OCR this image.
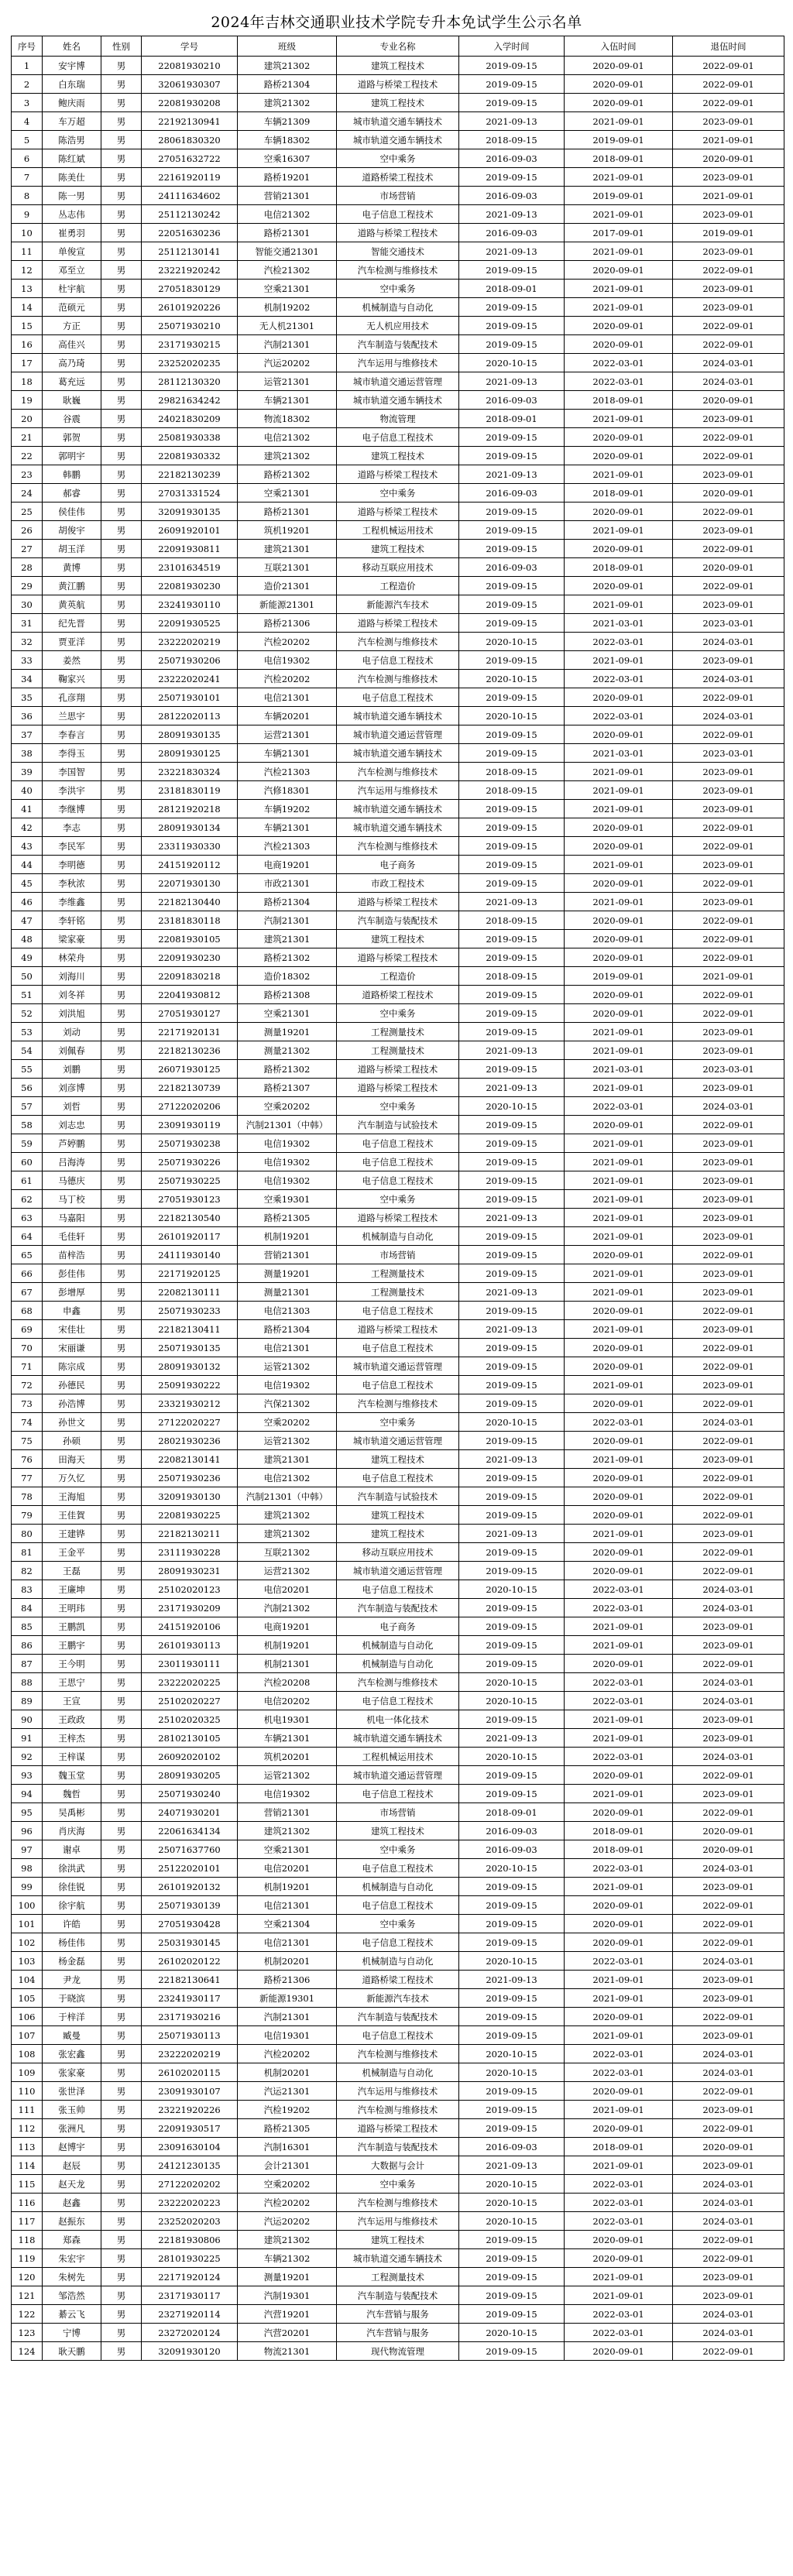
2024年吉林交通职业技术学院专升本免试学生公示名单
序号	姓名	性别	学号	班级	专业名称	入学时间	入伍时间	退伍时间
1	安宇博	男	22081930210	建筑21302	建筑工程技术	2019-09-15	2020-09-01	2022-09-01
2	白东瑞	男	32061930307	路桥21304	道路与桥梁工程技术	2019-09-15	2020-09-01	2022-09-01
3	鲍庆雨	男	22081930208	建筑21302	建筑工程技术	2019-09-15	2020-09-01	2022-09-01
4	车万超	男	22192130941	车辆21309	城市轨道交通车辆技术	2021-09-13	2021-09-01	2023-09-01
5	陈浩男	男	28061830320	车辆18302	城市轨道交通车辆技术	2018-09-15	2019-09-01	2021-09-01
6	陈红斌	男	27051632722	空乘16307	空中乘务	2016-09-03	2018-09-01	2020-09-01
7	陈美仕	男	22161920119	路桥19201	道路桥梁工程技术	2019-09-15	2021-09-01	2023-09-01
8	陈一男	男	24111634602	营销21301	市场营销	2016-09-03	2019-09-01	2021-09-01
9	丛志伟	男	25112130242	电信21302	电子信息工程技术	2021-09-13	2021-09-01	2023-09-01
10	崔勇羽	男	22051630236	路桥21301	道路与桥梁工程技术	2016-09-03	2017-09-01	2019-09-01
11	单俊宣	男	25112130141	智能交通21301	智能交通技术	2021-09-13	2021-09-01	2023-09-01
12	邓至立	男	23221920242	汽检21302	汽车检测与维修技术	2019-09-15	2020-09-01	2022-09-01
13	杜宇航	男	27051830129	空乘21301	空中乘务	2018-09-01	2021-09-01	2023-09-01
14	范硕元	男	26101920226	机制19202	机械制造与自动化	2019-09-15	2021-09-01	2023-09-01
15	方正	男	25071930210	无人机21301	无人机应用技术	2019-09-15	2020-09-01	2022-09-01
16	高佳兴	男	23171930215	汽制21301	汽车制造与装配技术	2019-09-15	2020-09-01	2022-09-01
17	高乃琦	男	23252020235	汽运20202	汽车运用与维修技术	2020-10-15	2022-03-01	2024-03-01
18	葛充远	男	28112130320	运管21301	城市轨道交通运营管理	2021-09-13	2022-03-01	2024-03-01
19	耿巍	男	29821634242	车辆21301	城市轨道交通车辆技术	2016-09-03	2018-09-01	2020-09-01
20	谷震	男	24021830209	物流18302	物流管理	2018-09-01	2021-09-01	2023-09-01
21	郭贺	男	25081930338	电信21302	电子信息工程技术	2019-09-15	2020-09-01	2022-09-01
22	郭明宇	男	22081930332	建筑21302	建筑工程技术	2019-09-15	2020-09-01	2022-09-01
23	韩鹏	男	22182130239	路桥21302	道路与桥梁工程技术	2021-09-13	2021-09-01	2023-09-01
24	郝睿	男	27031331524	空乘21301	空中乘务	2016-09-03	2018-09-01	2020-09-01
25	侯佳伟	男	32091930135	路桥21301	道路与桥梁工程技术	2019-09-15	2020-09-01	2022-09-01
26	胡俊宇	男	26091920101	筑机19201	工程机械运用技术	2019-09-15	2021-09-01	2023-09-01
27	胡玉洋	男	22091930811	建筑21301	建筑工程技术	2019-09-15	2020-09-01	2022-09-01
28	黄博	男	23101634519	互联21301	移动互联应用技术	2016-09-03	2018-09-01	2020-09-01
29	黄江鹏	男	22081930230	造价21301	工程造价	2019-09-15	2020-09-01	2022-09-01
30	黄英航	男	23241930110	新能源21301	新能源汽车技术	2019-09-15	2021-09-01	2023-09-01
31	纪先晋	男	22091930525	路桥21306	道路与桥梁工程技术	2019-09-15	2021-03-01	2023-03-01
32	贾亚洋	男	23222020219	汽检20202	汽车检测与维修技术	2020-10-15	2022-03-01	2024-03-01
33	姜然	男	25071930206	电信19302	电子信息工程技术	2019-09-15	2021-09-01	2023-09-01
34	鞠家兴	男	23222020241	汽检20202	汽车检测与维修技术	2020-10-15	2022-03-01	2024-03-01
35	孔彦翔	男	25071930101	电信21301	电子信息工程技术	2019-09-15	2020-09-01	2022-09-01
36	兰思宇	男	28122020113	车辆20201	城市轨道交通车辆技术	2020-10-15	2022-03-01	2024-03-01
37	李春言	男	28091930135	运营21301	城市轨道交通运营管理	2019-09-15	2020-09-01	2022-09-01
38	李得玉	男	28091930125	车辆21301	城市轨道交通车辆技术	2019-09-15	2021-03-01	2023-03-01
39	李国智	男	23221830324	汽检21303	汽车检测与维修技术	2018-09-15	2021-09-01	2023-09-01
40	李洪宇	男	23181830119	汽修18301	汽车运用与维修技术	2018-09-15	2021-09-01	2023-09-01
41	李继博	男	28121920218	车辆19202	城市轨道交通车辆技术	2019-09-15	2021-09-01	2023-09-01
42	李志	男	28091930134	车辆21301	城市轨道交通车辆技术	2019-09-15	2020-09-01	2022-09-01
43	李民军	男	23311930330	汽检21303	汽车检测与维修技术	2019-09-15	2020-09-01	2022-09-01
44	李明德	男	24151920112	电商19201	电子商务	2019-09-15	2021-09-01	2023-09-01
45	李秋浓	男	22071930130	市政21301	市政工程技术	2019-09-15	2020-09-01	2022-09-01
46	李维鑫	男	22182130440	路桥21304	道路与桥梁工程技术	2021-09-13	2021-09-01	2023-09-01
47	李轩铭	男	23181830118	汽制21301	汽车制造与装配技术	2018-09-15	2020-09-01	2022-09-01
48	梁家豪	男	22081930105	建筑21301	建筑工程技术	2019-09-15	2020-09-01	2022-09-01
49	林荣舟	男	22091930230	路桥21302	道路与桥梁工程技术	2019-09-15	2020-09-01	2022-09-01
50	刘海川	男	22091830218	造价18302	工程造价	2018-09-15	2019-09-01	2021-09-01
51	刘冬祥	男	22041930812	路桥21308	道路桥梁工程技术	2019-09-15	2020-09-01	2022-09-01
52	刘洪旭	男	27051930127	空乘21301	空中乘务	2019-09-15	2020-09-01	2022-09-01
53	刘动	男	22171920131	测量19201	工程测量技术	2019-09-15	2021-09-01	2023-09-01
54	刘佩春	男	22182130236	测量21302	工程测量技术	2021-09-13	2021-09-01	2023-09-01
55	刘鹏	男	26071930125	路桥21302	道路与桥梁工程技术	2019-09-15	2021-03-01	2023-03-01
56	刘彦博	男	22182130739	路桥21307	道路与桥梁工程技术	2021-09-13	2021-09-01	2023-09-01
57	刘哲	男	27122020206	空乘20202	空中乘务	2020-10-15	2022-03-01	2024-03-01
58	刘志忠	男	23091930119	汽制21301（中韩）	汽车制造与试验技术	2019-09-15	2020-09-01	2022-09-01
59	芦婷鹏	男	25071930238	电信19302	电子信息工程技术	2019-09-15	2021-09-01	2023-09-01
60	吕海涛	男	25071930226	电信19302	电子信息工程技术	2019-09-15	2021-09-01	2023-09-01
61	马德庆	男	25071930225	电信19302	电子信息工程技术	2019-09-15	2021-09-01	2023-09-01
62	马丁校	男	27051930123	空乘19301	空中乘务	2019-09-15	2021-09-01	2023-09-01
63	马嘉阳	男	22182130540	路桥21305	道路与桥梁工程技术	2021-09-13	2021-09-01	2023-09-01
64	毛佳轩	男	26101920117	机制19201	机械制造与自动化	2019-09-15	2021-09-01	2023-09-01
65	苗梓浩	男	24111930140	营销21301	市场营销	2019-09-15	2020-09-01	2022-09-01
66	彭佳伟	男	22171920125	测量19201	工程测量技术	2019-09-15	2021-09-01	2023-09-01
67	彭增厚	男	22082130111	测量21301	工程测量技术	2021-09-13	2021-09-01	2023-09-01
68	申鑫	男	25071930233	电信21303	电子信息工程技术	2019-09-15	2020-09-01	2022-09-01
69	宋佳壮	男	22182130411	路桥21304	道路与桥梁工程技术	2021-09-13	2021-09-01	2023-09-01
70	宋丽谦	男	25071930135	电信21301	电子信息工程技术	2019-09-15	2020-09-01	2022-09-01
71	陈宗成	男	28091930132	运管21302	城市轨道交通运营管理	2019-09-15	2020-09-01	2022-09-01
72	孙德民	男	25091930222	电信19302	电子信息工程技术	2019-09-15	2021-09-01	2023-09-01
73	孙浩博	男	23321930212	汽保21302	汽车检测与维修技术	2019-09-15	2020-09-01	2022-09-01
74	孙世文	男	27122020227	空乘20202	空中乘务	2020-10-15	2022-03-01	2024-03-01
75	孙硕	男	28021930236	运管21302	城市轨道交通运营管理	2019-09-15	2020-09-01	2022-09-01
76	田海天	男	22082130141	建筑21301	建筑工程技术	2021-09-13	2021-09-01	2023-09-01
77	万久忆	男	25071930236	电信21302	电子信息工程技术	2019-09-15	2020-09-01	2022-09-01
78	王海旭	男	32091930130	汽制21301（中韩）	汽车制造与试验技术	2019-09-15	2020-09-01	2022-09-01
79	王佳賀	男	22081930225	建筑21302	建筑工程技术	2019-09-15	2020-09-01	2022-09-01
80	王建铧	男	22182130211	建筑21302	建筑工程技术	2021-09-13	2021-09-01	2023-09-01
81	王金平	男	23111930228	互联21302	移动互联应用技术	2019-09-15	2020-09-01	2022-09-01
82	王磊	男	28091930231	运营21302	城市轨道交通运营管理	2019-09-15	2020-09-01	2022-09-01
83	王廉坤	男	25102020123	电信20201	电子信息工程技术	2020-10-15	2022-03-01	2024-03-01
84	王明玮	男	23171930209	汽制21302	汽车制造与装配技术	2019-09-15	2022-03-01	2024-03-01
85	王鹏凯	男	24151920106	电商19201	电子商务	2019-09-15	2021-09-01	2023-09-01
86	王鹏宇	男	26101930113	机制19201	机械制造与自动化	2019-09-15	2021-09-01	2023-09-01
87	王今明	男	23011930111	机制21301	机械制造与自动化	2019-09-15	2020-09-01	2022-09-01
88	王思宁	男	23222020225	汽检20208	汽车检测与维修技术	2020-10-15	2022-03-01	2024-03-01
89	王宣	男	25102020227	电信20202	电子信息工程技术	2020-10-15	2022-03-01	2024-03-01
90	王政政	男	25102020325	机电19301	机电一体化技术	2019-09-15	2021-09-01	2023-09-01
91	王梓杰	男	28102130105	车辆21301	城市轨道交通车辆技术	2021-09-13	2021-09-01	2023-09-01
92	王梓谋	男	26092020102	筑机20201	工程机械运用技术	2020-10-15	2022-03-01	2024-03-01
93	魏玉堂	男	28091930205	运管21302	城市轨道交通运营管理	2019-09-15	2020-09-01	2022-09-01
94	魏哲	男	25071930240	电信19302	电子信息工程技术	2019-09-15	2021-09-01	2023-09-01
95	吴禹彬	男	24071930201	营销21301	市场营销	2018-09-01	2020-09-01	2022-09-01
96	肖庆海	男	22061634134	建筑21302	建筑工程技术	2016-09-03	2018-09-01	2020-09-01
97	谢卓	男	25071637760	空乘21301	空中乘务	2016-09-03	2018-09-01	2020-09-01
98	徐洪武	男	25122020101	电信20201	电子信息工程技术	2020-10-15	2022-03-01	2024-03-01
99	徐佳锐	男	26101920132	机制19201	机械制造与自动化	2019-09-15	2021-09-01	2023-09-01
100	徐宇航	男	25071930139	电信21301	电子信息工程技术	2019-09-15	2020-09-01	2022-09-01
101	许皓	男	27051930428	空乘21304	空中乘务	2019-09-15	2020-09-01	2022-09-01
102	杨佳伟	男	25031930145	电信21301	电子信息工程技术	2019-09-15	2020-09-01	2022-09-01
103	杨金磊	男	26102020122	机制20201	机械制造与自动化	2020-10-15	2022-03-01	2024-03-01
104	尹龙	男	22182130641	路桥21306	道路桥梁工程技术	2021-09-13	2021-09-01	2023-09-01
105	于晓滨	男	23241930117	新能源19301	新能源汽车技术	2019-09-15	2021-09-01	2023-09-01
106	于梓洋	男	23171930216	汽制21301	汽车制造与装配技术	2019-09-15	2020-09-01	2022-09-01
107	臧曼	男	25071930113	电信19301	电子信息工程技术	2019-09-15	2021-09-01	2023-09-01
108	张宏鑫	男	23222020219	汽检20202	汽车检测与维修技术	2020-10-15	2022-03-01	2024-03-01
109	张家豪	男	26102020115	机制20201	机械制造与自动化	2020-10-15	2022-03-01	2024-03-01
110	张世泽	男	23091930107	汽运21301	汽车运用与维修技术	2019-09-15	2020-09-01	2022-09-01
111	张玉帅	男	23221920226	汽检19202	汽车检测与维修技术	2019-09-15	2021-09-01	2023-09-01
112	张洲凡	男	22091930517	路桥21305	道路与桥梁工程技术	2019-09-15	2020-09-01	2022-09-01
113	赵博宇	男	23091630104	汽制16301	汽车制造与装配技术	2016-09-03	2018-09-01	2020-09-01
114	赵辰	男	24121230135	会计21301	大数据与会计	2021-09-13	2021-09-01	2023-09-01
115	赵天龙	男	27122020202	空乘20202	空中乘务	2020-10-15	2022-03-01	2024-03-01
116	赵鑫	男	23222020223	汽检20202	汽车检测与维修技术	2020-10-15	2022-03-01	2024-03-01
117	赵振东	男	23252020203	汽运20202	汽车运用与维修技术	2020-10-15	2022-03-01	2024-03-01
118	郑森	男	22181930806	建筑21302	建筑工程技术	2019-09-15	2020-09-01	2022-09-01
119	朱宏宇	男	28101930225	车辆21302	城市轨道交通车辆技术	2019-09-15	2020-09-01	2022-09-01
120	朱树先	男	22171920124	测量19201	工程测量技术	2019-09-15	2021-09-01	2023-09-01
121	邹浩然	男	23171930117	汽制19301	汽车制造与装配技术	2019-09-15	2021-09-01	2023-09-01
122	綦云飞	男	23271920114	汽营19201	汽车营销与服务	2019-09-15	2022-03-01	2024-03-01
123	宁博	男	23272020124	汽营20201	汽车营销与服务	2020-10-15	2022-03-01	2024-03-01
124	耿天鹏	男	32091930120	物流21301	现代物流管理	2019-09-15	2020-09-01	2022-09-01
